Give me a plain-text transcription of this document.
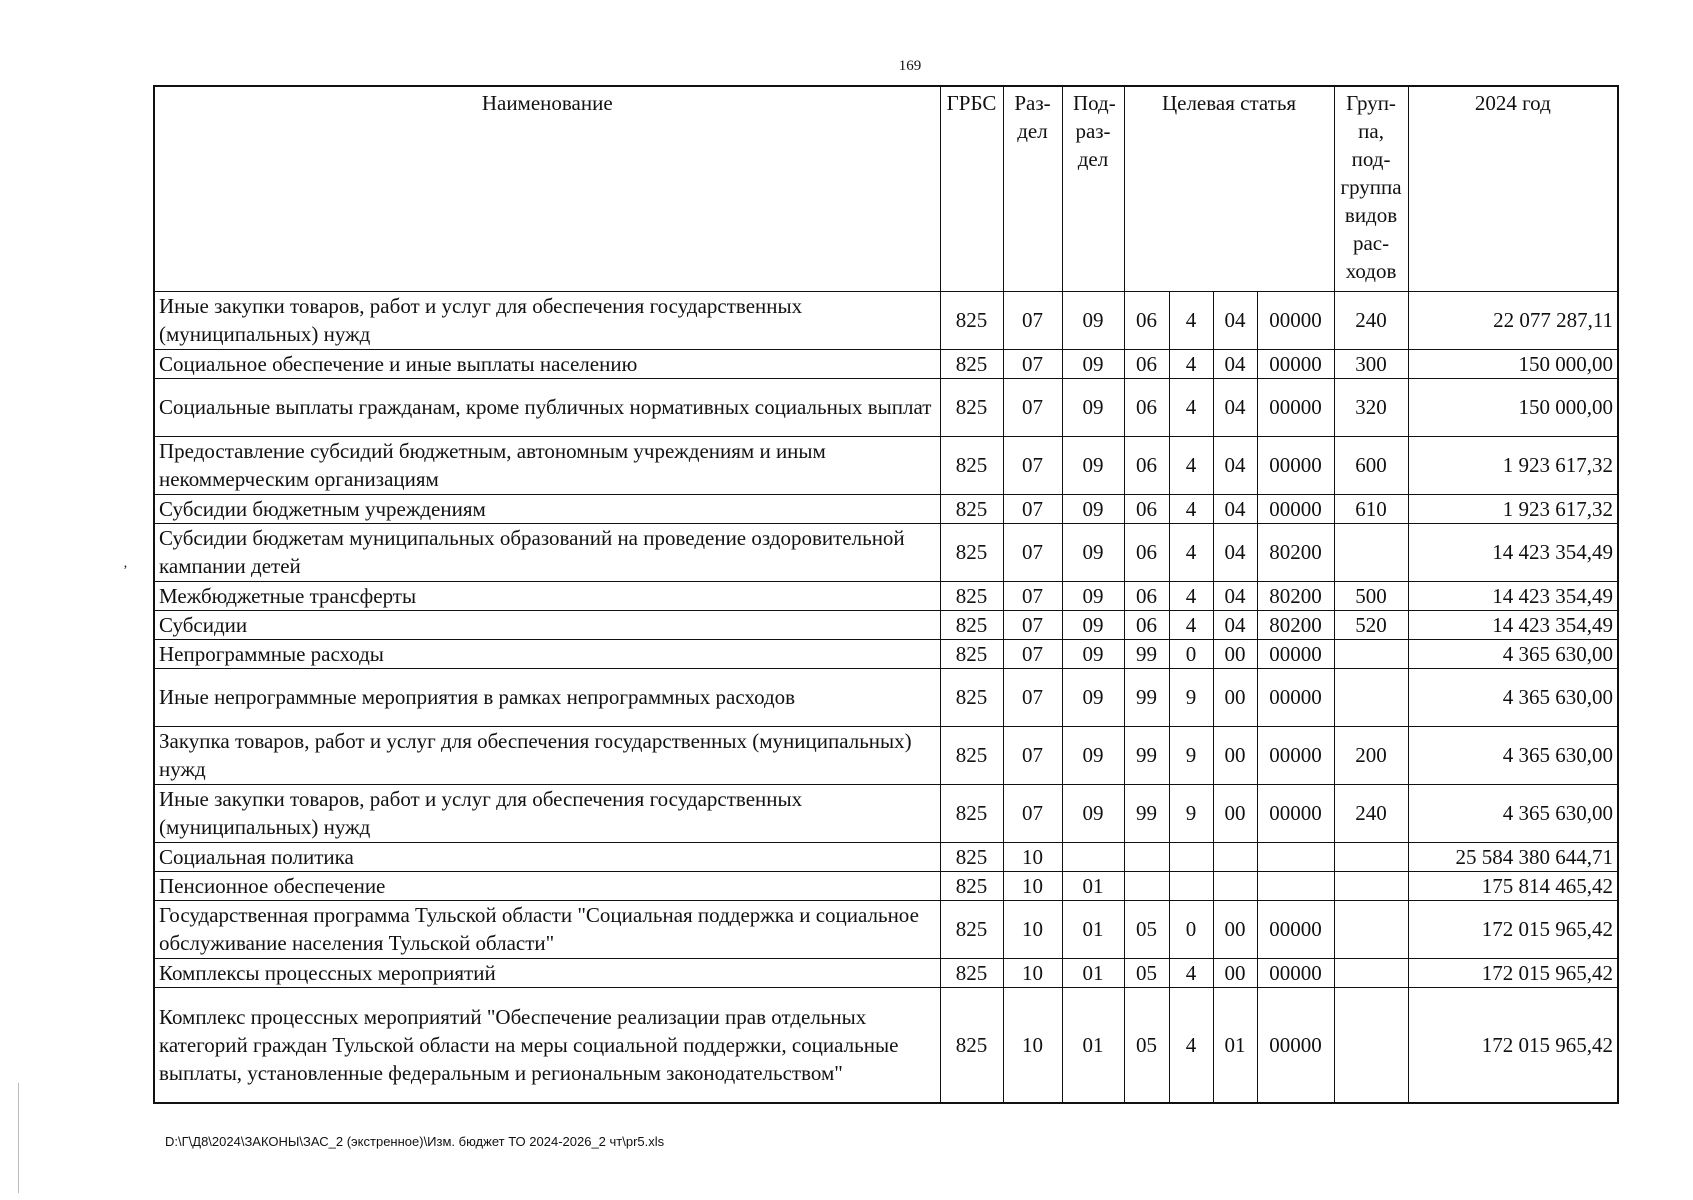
169
‚
Наименование	ГРБС	Раз- дел	Под- раз- дел	Целевая статья				Груп- па, под- группа видов рас- ходов	2024 год
Иные закупки товаров, работ и услуг для обеспечения государственных (муниципальных) нужд	825	07	09	06	4	04	00000	240	22 077 287,11
Социальное обеспечение и иные выплаты населению	825	07	09	06	4	04	00000	300	150 000,00
Социальные выплаты гражданам, кроме публичных нормативных социальных выплат	825	07	09	06	4	04	00000	320	150 000,00
Предоставление субсидий бюджетным, автономным учреждениям и иным некоммерческим организациям	825	07	09	06	4	04	00000	600	1 923 617,32
Субсидии бюджетным учреждениям	825	07	09	06	4	04	00000	610	1 923 617,32
Субсидии бюджетам муниципальных образований на проведение оздоровительной кампании детей	825	07	09	06	4	04	80200		14 423 354,49
Межбюджетные трансферты	825	07	09	06	4	04	80200	500	14 423 354,49
Субсидии	825	07	09	06	4	04	80200	520	14 423 354,49
Непрограммные расходы	825	07	09	99	0	00	00000		4 365 630,00
Иные непрограммные мероприятия в рамках непрограммных расходов	825	07	09	99	9	00	00000		4 365 630,00
Закупка товаров, работ и услуг для обеспечения государственных (муниципальных) нужд	825	07	09	99	9	00	00000	200	4 365 630,00
Иные закупки товаров, работ и услуг для обеспечения государственных (муниципальных) нужд	825	07	09	99	9	00	00000	240	4 365 630,00
Социальная политика	825	10							25 584 380 644,71
Пенсионное обеспечение	825	10	01						175 814 465,42
Государственная программа Тульской области "Социальная поддержка и социальное обслуживание населения Тульской области"	825	10	01	05	0	00	00000		172 015 965,42
Комплексы процессных мероприятий	825	10	01	05	4	00	00000		172 015 965,42
Комплекс процессных мероприятий "Обеспечение реализации прав отдельных категорий граждан Тульской области на меры социальной поддержки, социальные выплаты, установленные федеральным и региональным законодательством"	825	10	01	05	4	01	00000		172 015 965,42
D:\Г\Д8\2024\ЗАКОНЫ\ЗАС_2 (экстренное)\Изм. бюджет ТО 2024-2026_2 чт\pr5.xls
